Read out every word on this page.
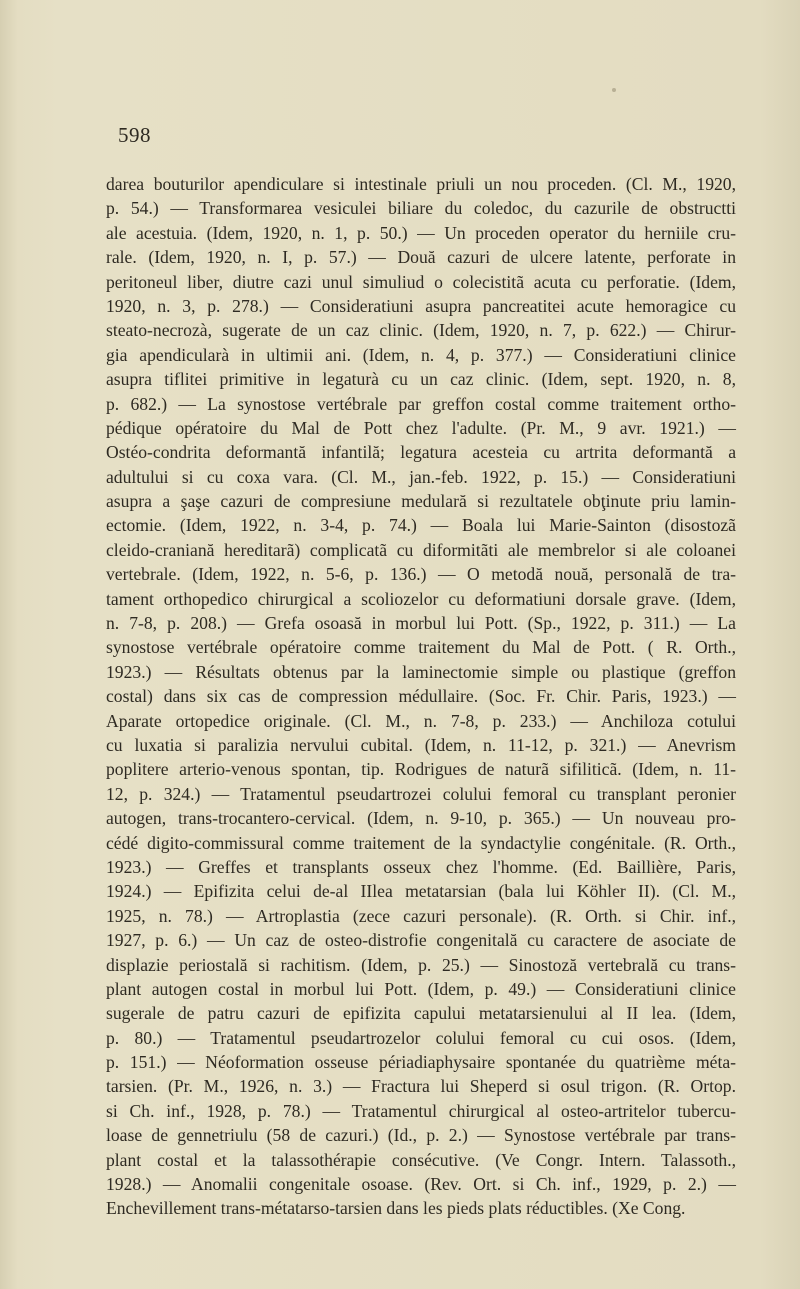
598
darea bouturilor apendiculare si intestinale priuli un nou proceden. (Cl. M., 1920,
p. 54.) — Transformarea vesiculei biliare du coledoc, du cazurile de obstructti
ale acestuia. (Idem, 1920, n. 1, p. 50.) — Un proceden operator du herniile cru-
rale. (Idem, 1920, n. I, p. 57.) — Două cazuri de ulcere latente, perforate in
peritoneul liber, diutre cazi unul simuliud o colecistitã acuta cu perforatie. (Idem,
1920, n. 3, p. 278.) — Consideratiuni asupra pancreatitei acute hemoragice cu
steato-necrozà, sugerate de un caz clinic. (Idem, 1920, n. 7, p. 622.) — Chirur-
gia apendicularà in ultimii ani. (Idem, n. 4, p. 377.) — Consideratiuni clinice
asupra tiflitei primitive in legaturà cu un caz clinic. (Idem, sept. 1920, n. 8,
p. 682.) — La synostose vertébrale par greffon costal comme traitement ortho-
pédique opératoire du Mal de Pott chez l'adulte. (Pr. M., 9 avr. 1921.) —
Ostéo-condrita deformantă infantilă; legatura acesteia cu artrita deformantă a
adultului si cu coxa vara. (Cl. M., jan.-feb. 1922, p. 15.) — Consideratiuni
asupra a şaşe cazuri de compresiune medulară si rezultatele obţinute priu lamin-
ectomie. (Idem, 1922, n. 3-4, p. 74.) — Boala lui Marie-Sainton (disostozã
cleido-craniană hereditarã) complicatã cu diformitãti ale membrelor si ale coloanei
vertebrale. (Idem, 1922, n. 5-6, p. 136.) — O metodă nouă, personală de tra-
tament orthopedico chirurgical a scoliozelor cu deformatiuni dorsale grave. (Idem,
n. 7-8, p. 208.) — Grefa osoasă in morbul lui Pott. (Sp., 1922, p. 311.) — La
synostose vertébrale opératoire comme traitement du Mal de Pott. ( R. Orth.,
1923.) — Résultats obtenus par la laminectomie simple ou plastique (greffon
costal) dans six cas de compression médullaire. (Soc. Fr. Chir. Paris, 1923.) —
Aparate ortopedice originale. (Cl. M., n. 7-8, p. 233.) — Anchiloza cotului
cu luxatia si paralizia nervului cubital. (Idem, n. 11-12, p. 321.) — Anevrism
poplitere arterio-venous spontan, tip. Rodrigues de naturã sifiliticã. (Idem, n. 11-
12, p. 324.) — Tratamentul pseudartrozei colului femoral cu transplant peronier
autogen, trans-trocantero-cervical. (Idem, n. 9-10, p. 365.) — Un nouveau pro-
cédé digito-commissural comme traitement de la syndactylie congénitale. (R. Orth.,
1923.) — Greffes et transplants osseux chez l'homme. (Ed. Baillière, Paris,
1924.) — Epifizita celui de-al IIlea metatarsian (bala lui Köhler II). (Cl. M.,
1925, n. 78.) — Artroplastia (zece cazuri personale). (R. Orth. si Chir. inf.,
1927, p. 6.) — Un caz de osteo-distrofie congenitală cu caractere de asociate de
displazie periostală si rachitism. (Idem, p. 25.) — Sinostoză vertebrală cu trans-
plant autogen costal in morbul lui Pott. (Idem, p. 49.) — Consideratiuni clinice
sugerale de patru cazuri de epifizita capului metatarsienului al II lea. (Idem,
p. 80.) — Tratamentul pseudartrozelor colului femoral cu cui osos. (Idem,
p. 151.) — Néoformation osseuse périadiaphysaire spontanée du quatrième méta-
tarsien. (Pr. M., 1926, n. 3.) — Fractura lui Sheperd si osul trigon. (R. Ortop.
si Ch. inf., 1928, p. 78.) — Tratamentul chirurgical al osteo-artritelor tubercu-
loase de gennetriulu (58 de cazuri.) (Id., p. 2.) — Synostose vertébrale par trans-
plant costal et la talassothérapie consécutive. (Ve Congr. Intern. Talassoth.,
1928.) — Anomalii congenitale osoase. (Rev. Ort. si Ch. inf., 1929, p. 2.) —
Enchevillement trans-métatarso-tarsien dans les pieds plats réductibles. (Xe Cong.
